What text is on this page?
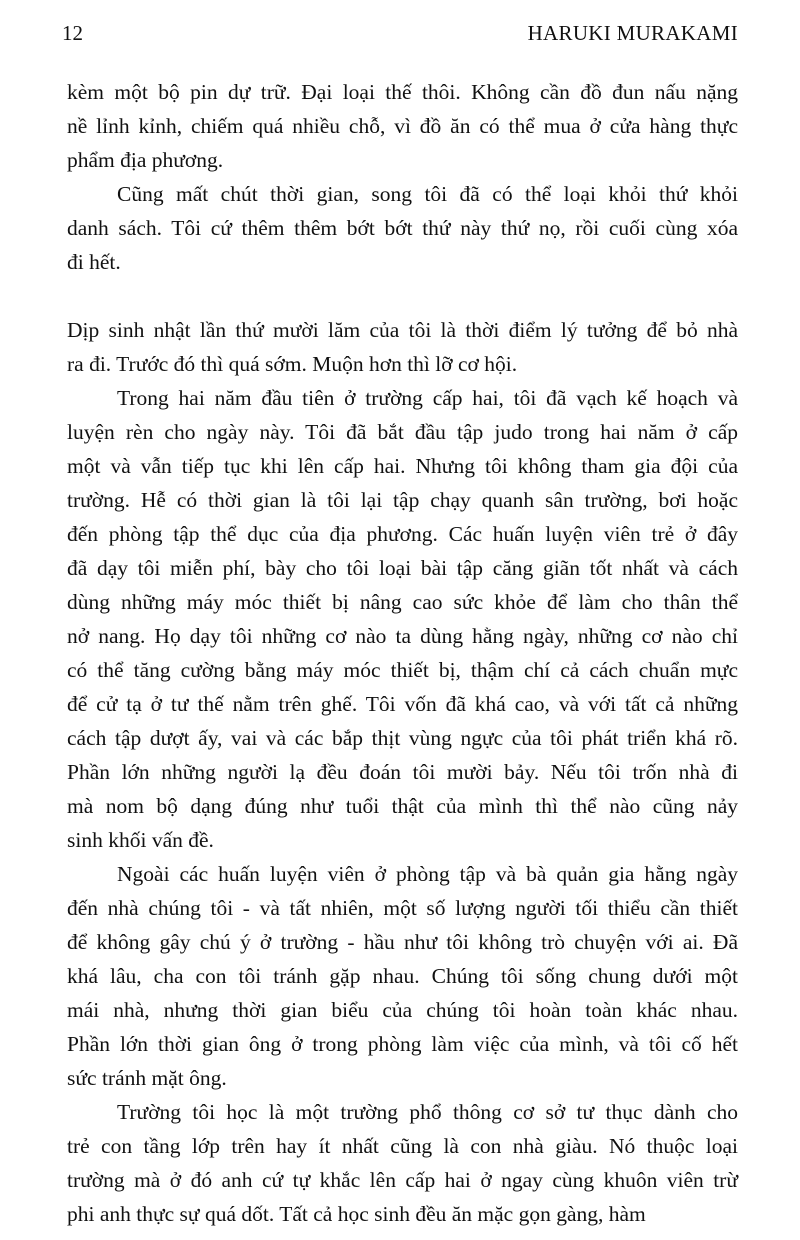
12	HARUKI MURAKAMI
kèm một bộ pin dự trữ. Đại loại thế thôi. Không cần đồ đun nấu nặng
nề lỉnh kỉnh, chiếm quá nhiều chỗ, vì đồ ăn có thể mua ở cửa hàng thực
phẩm địa phương.
Cũng mất chút thời gian, song tôi đã có thể loại khỏi thứ khỏi
danh sách. Tôi cứ thêm thêm bớt bớt thứ này thứ nọ, rồi cuối cùng xóa
đi hết.
Dịp sinh nhật lần thứ mười lăm của tôi là thời điểm lý tưởng để bỏ nhà
ra đi. Trước đó thì quá sớm. Muộn hơn thì lỡ cơ hội.
Trong hai năm đầu tiên ở trường cấp hai, tôi đã vạch kế hoạch và
luyện rèn cho ngày này. Tôi đã bắt đầu tập judo trong hai năm ở cấp
một và vẫn tiếp tục khi lên cấp hai. Nhưng tôi không tham gia đội của
trường. Hễ có thời gian là tôi lại tập chạy quanh sân trường, bơi hoặc
đến phòng tập thể dục của địa phương. Các huấn luyện viên trẻ ở đây
đã dạy tôi miễn phí, bày cho tôi loại bài tập căng giãn tốt nhất và cách
dùng những máy móc thiết bị nâng cao sức khỏe để làm cho thân thể
nở nang. Họ dạy tôi những cơ nào ta dùng hằng ngày, những cơ nào chỉ
có thể tăng cường bằng máy móc thiết bị, thậm chí cả cách chuẩn mực
để cử tạ ở tư thế nằm trên ghế. Tôi vốn đã khá cao, và với tất cả những
cách tập dượt ấy, vai và các bắp thịt vùng ngực của tôi phát triển khá rõ.
Phần lớn những người lạ đều đoán tôi mười bảy. Nếu tôi trốn nhà đi
mà nom bộ dạng đúng như tuổi thật của mình thì thể nào cũng nảy
sinh khối vấn đề.
Ngoài các huấn luyện viên ở phòng tập và bà quản gia hằng ngày
đến nhà chúng tôi - và tất nhiên, một số lượng người tối thiểu cần thiết
để không gây chú ý ở trường - hầu như tôi không trò chuyện với ai. Đã
khá lâu, cha con tôi tránh gặp nhau. Chúng tôi sống chung dưới một
mái nhà, nhưng thời gian biểu của chúng tôi hoàn toàn khác nhau.
Phần lớn thời gian ông ở trong phòng làm việc của mình, và tôi cố hết
sức tránh mặt ông.
Trường tôi học là một trường phổ thông cơ sở tư thục dành cho
trẻ con tầng lớp trên hay ít nhất cũng là con nhà giàu. Nó thuộc loại
trường mà ở đó anh cứ tự khắc lên cấp hai ở ngay cùng khuôn viên trừ
phi anh thực sự quá dốt. Tất cả học sinh đều ăn mặc gọn gàng, hàm
